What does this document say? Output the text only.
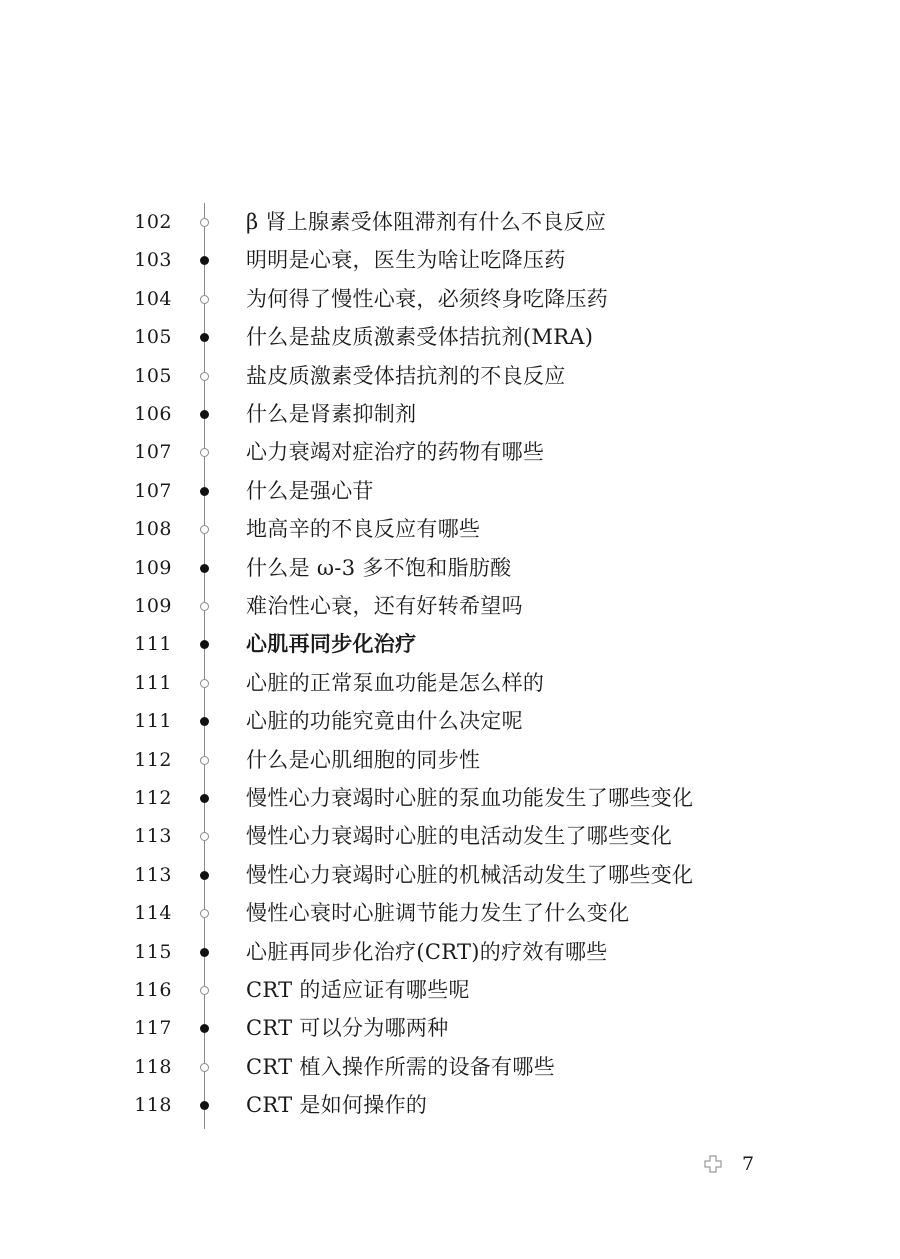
102	β 肾上腺素受体阻滞剂有什么不良反应
103	明明是心衰，医生为啥让吃降压药
104	为何得了慢性心衰，必须终身吃降压药
105	什么是盐皮质激素受体拮抗剂(MRA)
105	盐皮质激素受体拮抗剂的不良反应
106	什么是肾素抑制剂
107	心力衰竭对症治疗的药物有哪些
107	什么是强心苷
108	地高辛的不良反应有哪些
109	什么是 ω-3 多不饱和脂肪酸
109	难治性心衰，还有好转希望吗
111	心肌再同步化治疗
111	心脏的正常泵血功能是怎么样的
111	心脏的功能究竟由什么决定呢
112	什么是心肌细胞的同步性
112	慢性心力衰竭时心脏的泵血功能发生了哪些变化
113	慢性心力衰竭时心脏的电活动发生了哪些变化
113	慢性心力衰竭时心脏的机械活动发生了哪些变化
114	慢性心衰时心脏调节能力发生了什么变化
115	心脏再同步化治疗(CRT)的疗效有哪些
116	CRT 的适应证有哪些呢
117	CRT 可以分为哪两种
118	CRT 植入操作所需的设备有哪些
118	CRT 是如何操作的
7
